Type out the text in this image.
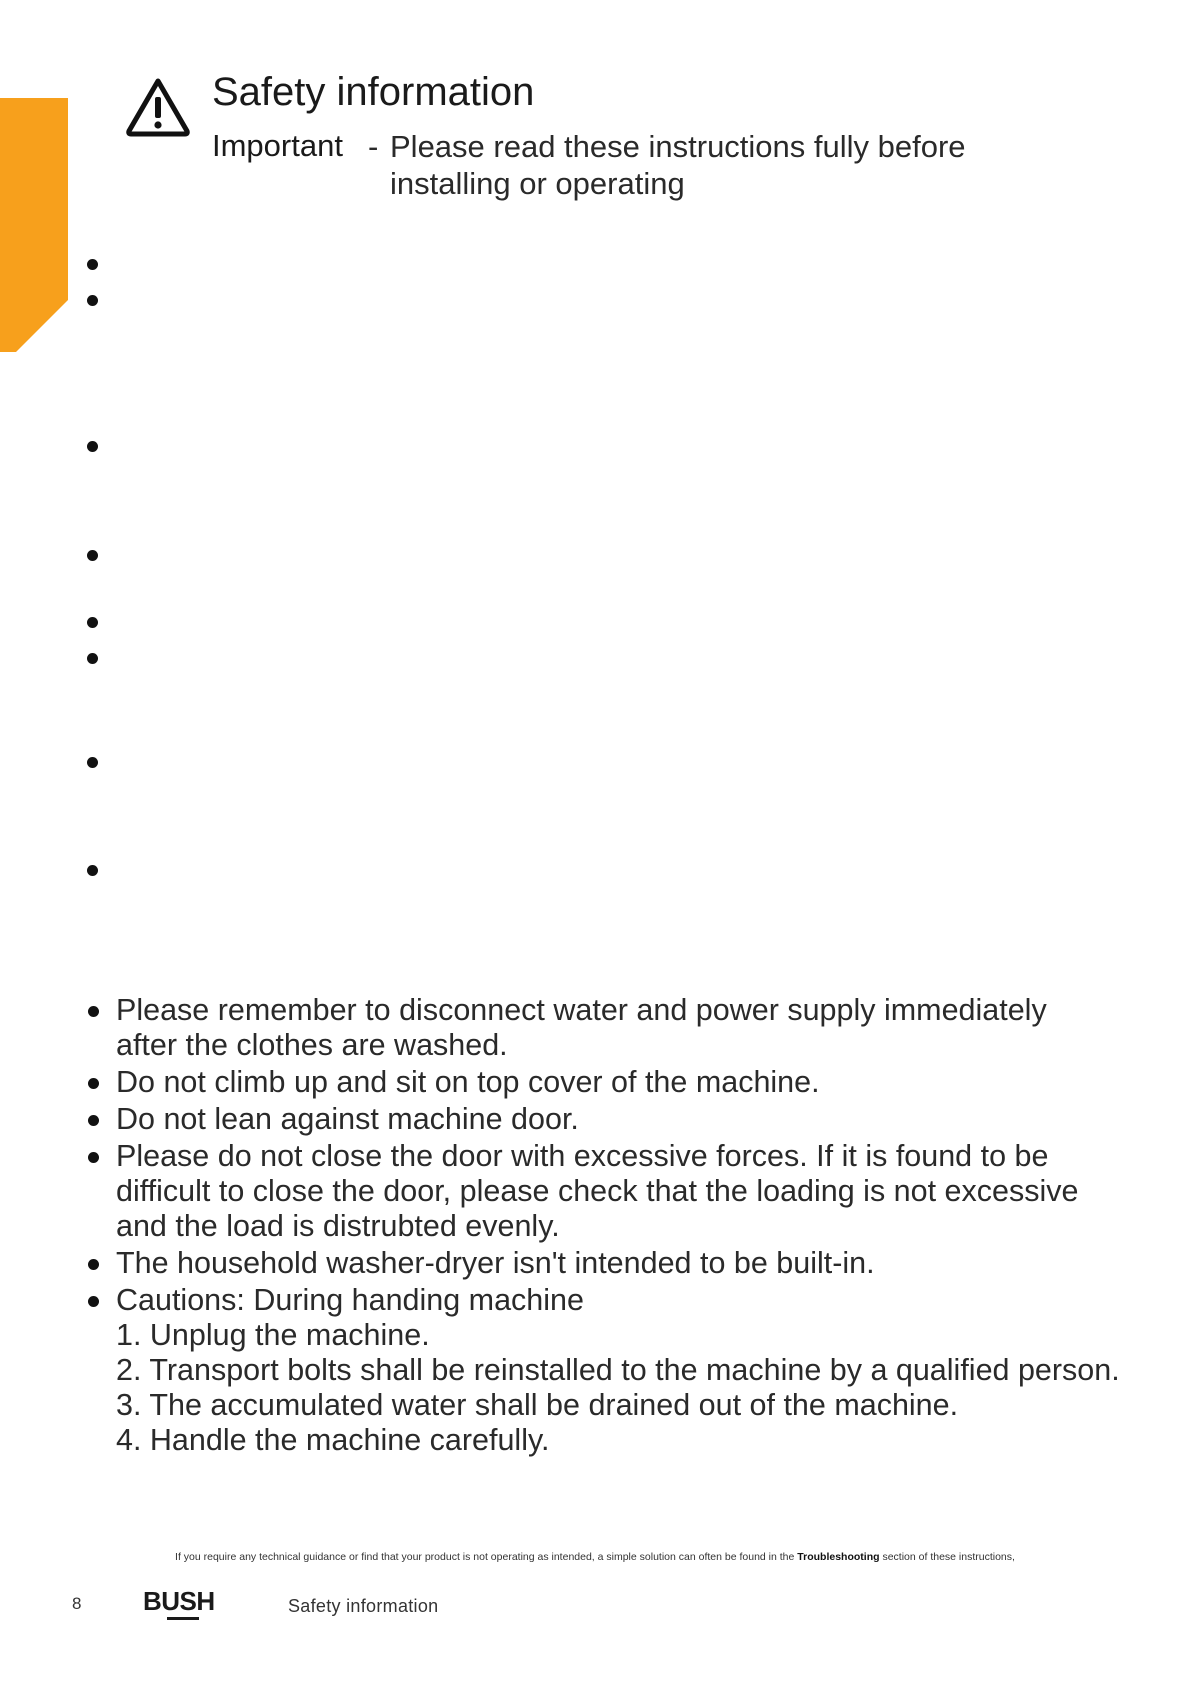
Safety information
Important - Please read these instructions fully before
installing or operating
Please remember to disconnect water and power supply immediately
after the clothes are washed.
Do not climb up and sit on top cover of the machine.
Do not lean against machine door.
Please do not close the door with excessive forces. If it is found to be
difficult to close the door, please check that the loading is not excessive
and the load is distrubted evenly.
The household washer-dryer isn't intended to be built-in.
Cautions: During handing machine
1. Unplug the machine.
2. Transport bolts shall be reinstalled to the machine by a qualified person.
3. The accumulated water shall be drained out of the machine.
4. Handle the machine carefully.
If you require any technical guidance or find that your product is not operating as intended, a simple solution can often be found in the Troubleshooting section of these instructions,
8 BUSH	Safety information
